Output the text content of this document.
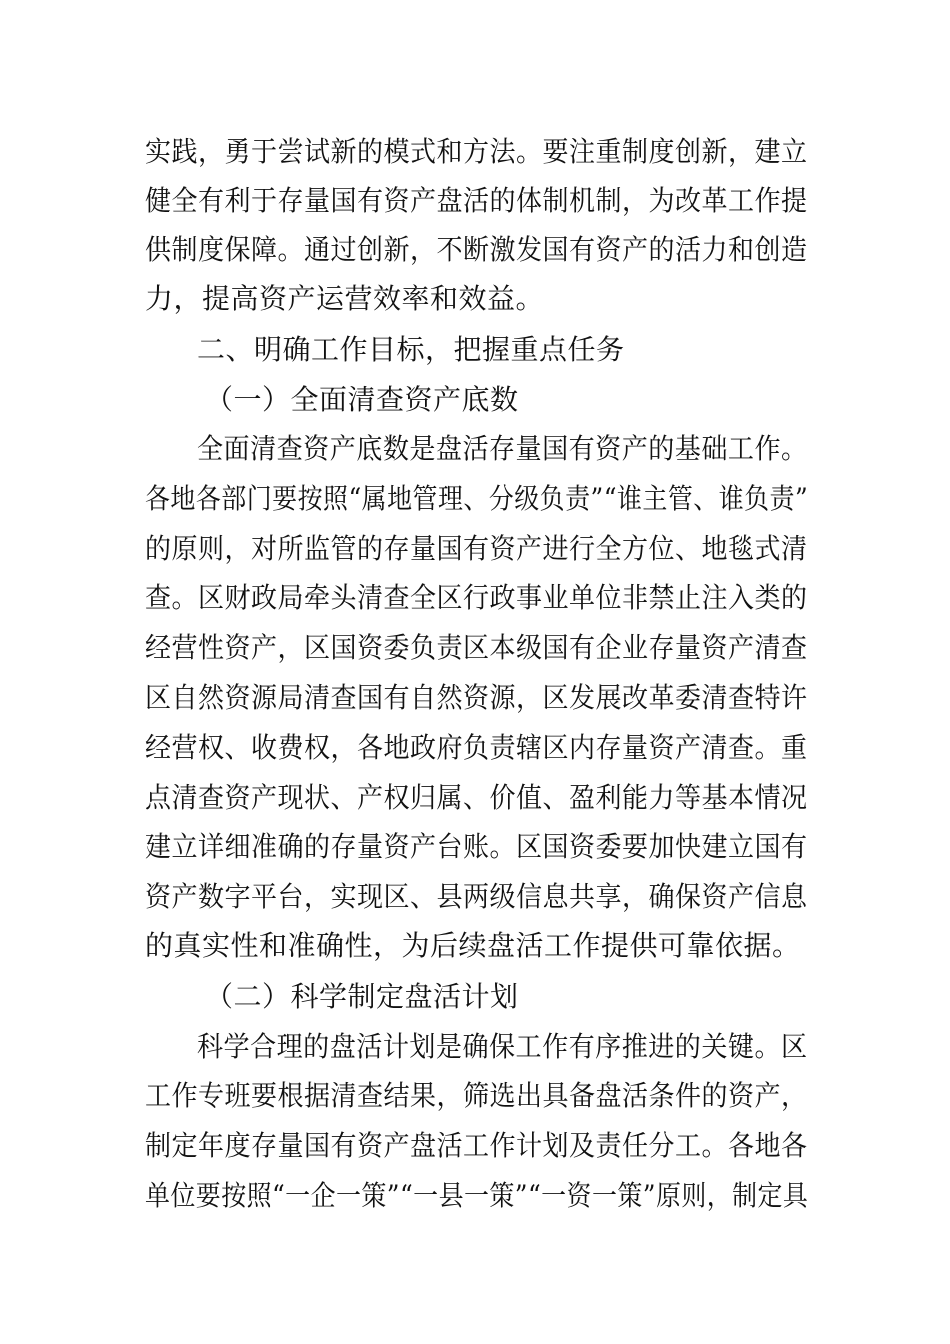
实践，勇于尝试新的模式和方法。要注重制度创新，建立
健全有利于存量国有资产盘活的体制机制，为改革工作提
供制度保障。通过创新，不断激发国有资产的活力和创造
力，提高资产运营效率和效益。
二、明确工作目标，把握重点任务
（一）全面清查资产底数
全面清查资产底数是盘活存量国有资产的基础工作。
各地各部门要按照“属地管理、分级负责”“谁主管、谁负责”
的原则，对所监管的存量国有资产进行全方位、地毯式清
查。区财政局牵头清查全区行政事业单位非禁止注入类的
经营性资产，区国资委负责区本级国有企业存量资产清查
区自然资源局清查国有自然资源，区发展改革委清查特许
经营权、收费权，各地政府负责辖区内存量资产清查。重
点清查资产现状、产权归属、价值、盈利能力等基本情况
建立详细准确的存量资产台账。区国资委要加快建立国有
资产数字平台，实现区、县两级信息共享，确保资产信息
的真实性和准确性，为后续盘活工作提供可靠依据。
（二）科学制定盘活计划
科学合理的盘活计划是确保工作有序推进的关键。区
工作专班要根据清查结果，筛选出具备盘活条件的资产，
制定年度存量国有资产盘活工作计划及责任分工。各地各
单位要按照“一企一策”“一县一策”“一资一策”原则，制定具
